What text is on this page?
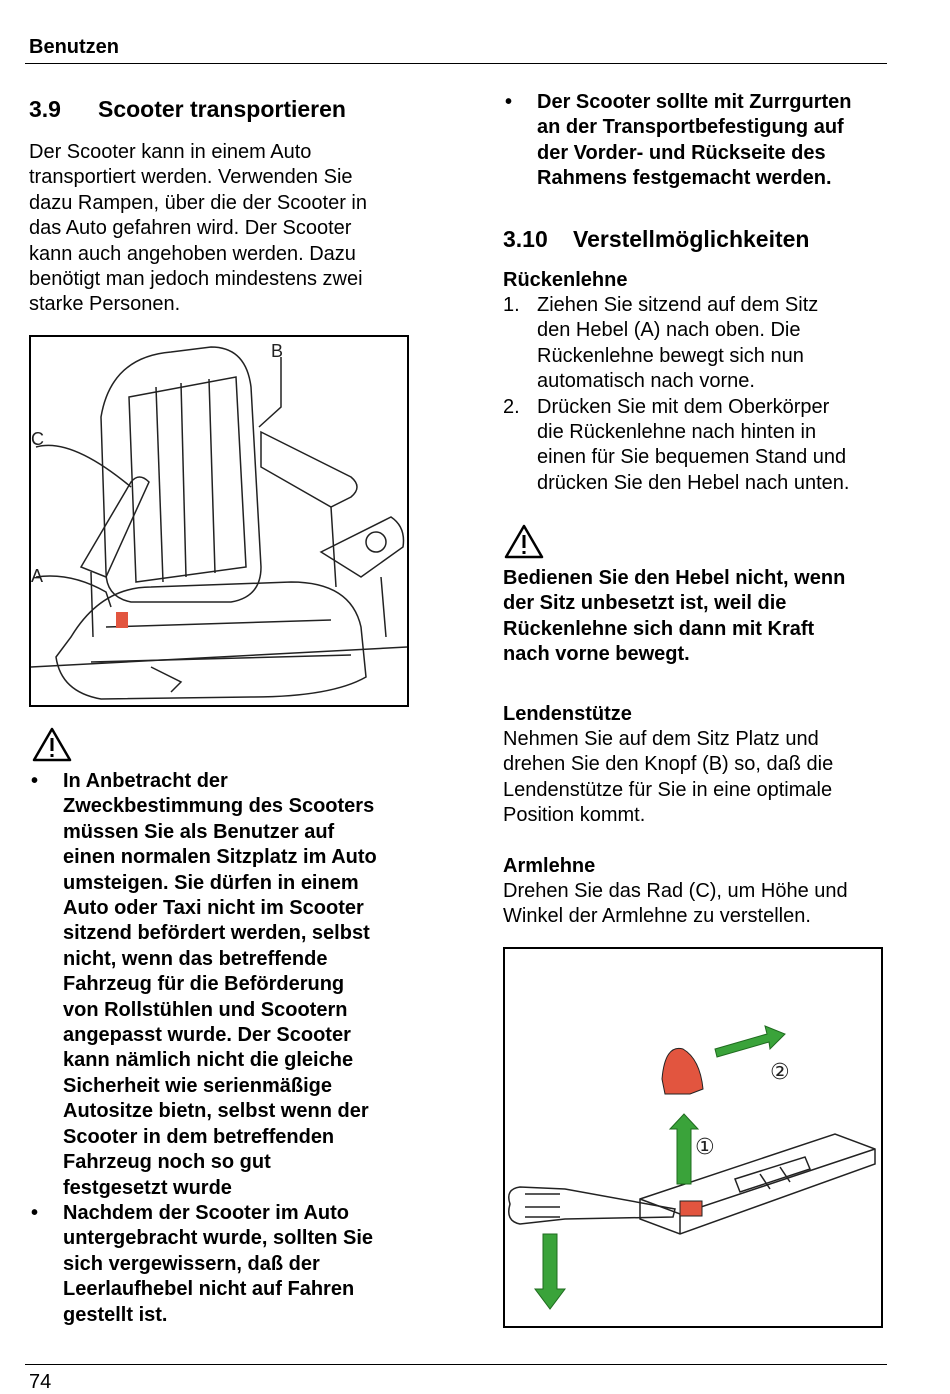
Benutzen
3.9	Scooter transportieren

Der Scooter kann in einem Auto
transportiert werden. Verwenden Sie
dazu Rampen, über die der Scooter in
das Auto gefahren wird. Der Scooter
kann auch angehoben werden. Dazu
benötigt man jedoch mindestens zwei
starke Personen.

B
C
A
• In Anbetracht der
Zweckbestimmung des Scooters
müssen Sie als Benutzer auf
einen normalen Sitzplatz im Auto
umsteigen. Sie dürfen in einem
Auto oder Taxi nicht im Scooter
sitzend befördert werden, selbst
nicht, wenn das betreffende
Fahrzeug für die Beförderung
von Rollstühlen und Scootern
angepasst wurde. Der Scooter
kann nämlich nicht die gleiche
Sicherheit wie serienmäßige
Autositze bietn, selbst wenn der
Scooter in dem betreffenden
Fahrzeug noch so gut
festgesetzt wurde
• Nachdem der Scooter im Auto
untergebracht wurde, sollten Sie
sich vergewissern, daß der
Leerlaufhebel nicht auf Fahren
gestellt ist.
• Der Scooter sollte mit Zurrgurten
an der Transportbefestigung auf
der Vorder- und Rückseite des
Rahmens festgemacht werden.
3.10	Verstellmöglichkeiten
Rückenlehne
1. Ziehen Sie sitzend auf dem Sitz
den Hebel (A) nach oben. Die
Rückenlehne bewegt sich nun
automatisch nach vorne.
2. Drücken Sie mit dem Oberkörper
die Rückenlehne nach hinten in
einen für Sie bequemen Stand und
drücken Sie den Hebel nach unten.

Bedienen Sie den Hebel nicht, wenn
der Sitz unbesetzt ist, weil die
Rückenlehne sich dann mit Kraft
nach vorne bewegt.

Lendenstütze

Nehmen Sie auf dem Sitz Platz und
drehen Sie den Knopf (B) so, daß die
Lendenstütze für Sie in eine optimale
Position kommt.

Armlehne

Drehen Sie das Rad (C), um Höhe und
Winkel der Armlehne zu verstellen.

①
②
74
